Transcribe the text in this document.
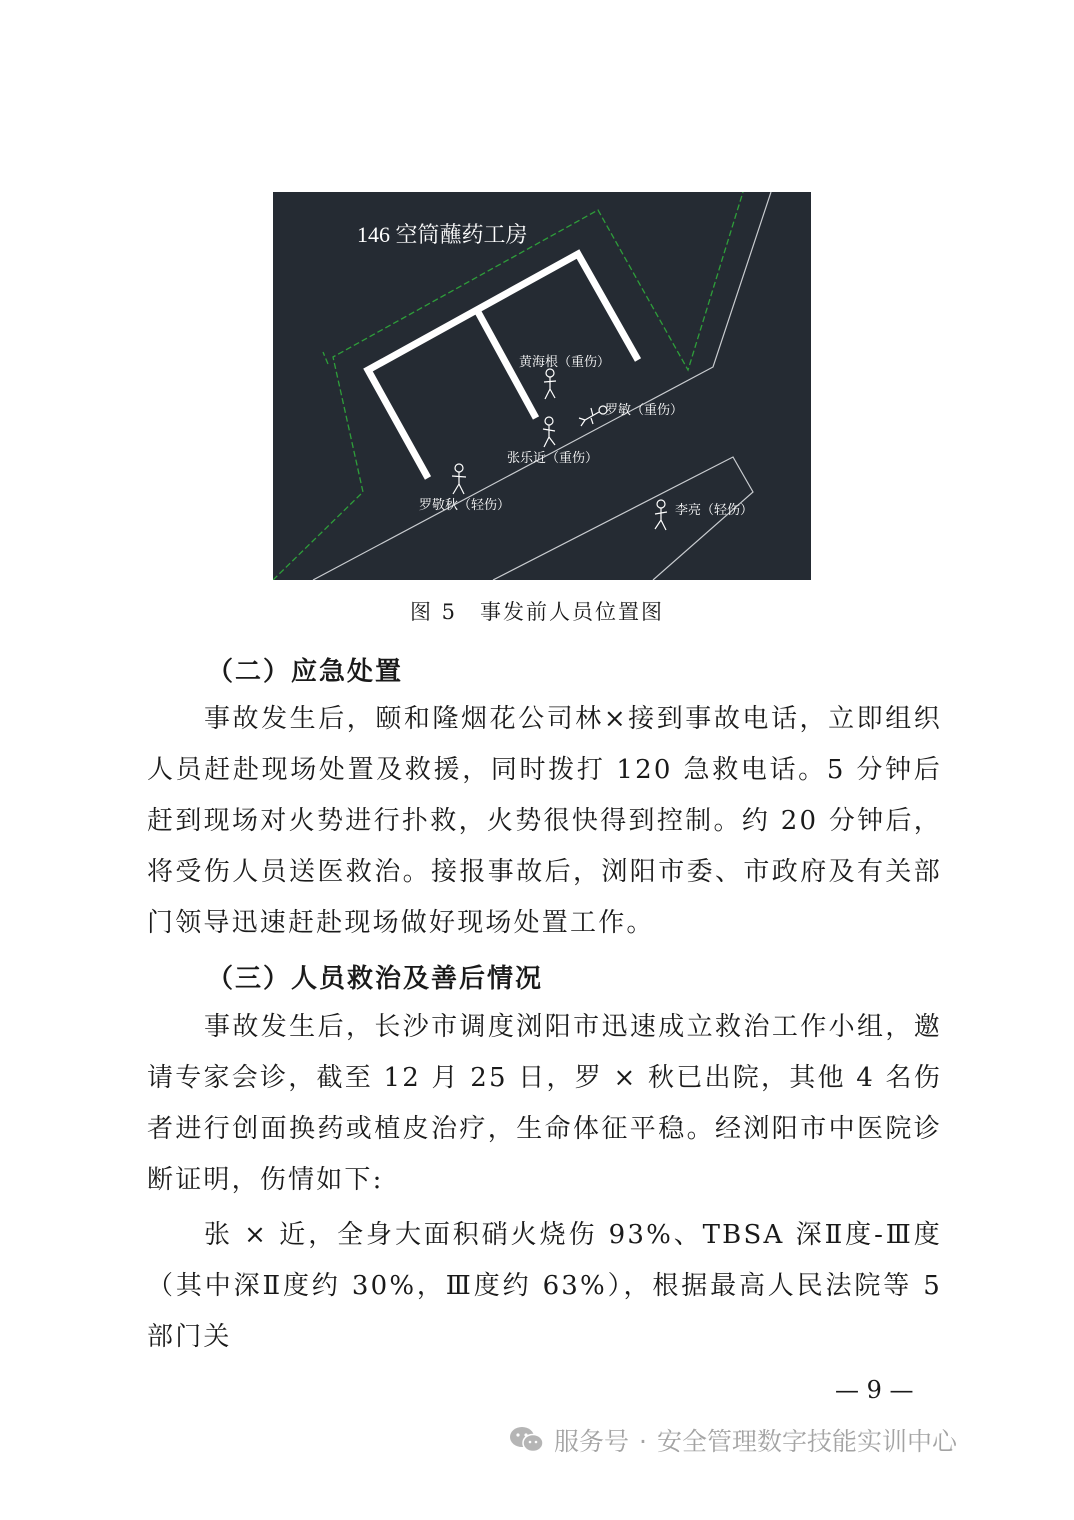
146 空筒蘸药工房
黄海根（重伤）
罗敏（重伤）
张乐近（重伤）
罗敬秋（轻伤）	李亮（轻伤）
图 5　事发前人员位置图
（二）应急处置
事故发生后，颐和隆烟花公司林×接到事故电话，立即组织人员赶赴现场处置及救援，同时拨打 120 急救电话。5 分钟后赶到现场对火势进行扑救，火势很快得到控制。约 20 分钟后，将受伤人员送医救治。接报事故后，浏阳市委、市政府及有关部门领导迅速赶赴现场做好现场处置工作。
（三）人员救治及善后情况
事故发生后，长沙市调度浏阳市迅速成立救治工作小组，邀请专家会诊，截至 12 月 25 日，罗 × 秋已出院，其他 4 名伤者进行创面换药或植皮治疗，生命体征平稳。经浏阳市中医院诊断证明，伤情如下:
张 × 近，全身大面积硝火烧伤 93%、TBSA 深Ⅱ度-Ⅲ度（其中深Ⅱ度约 30%，Ⅲ度约 63%），根据最高人民法院等 5 部门关
— 9 —
服务号 · 安全管理数字技能实训中心
